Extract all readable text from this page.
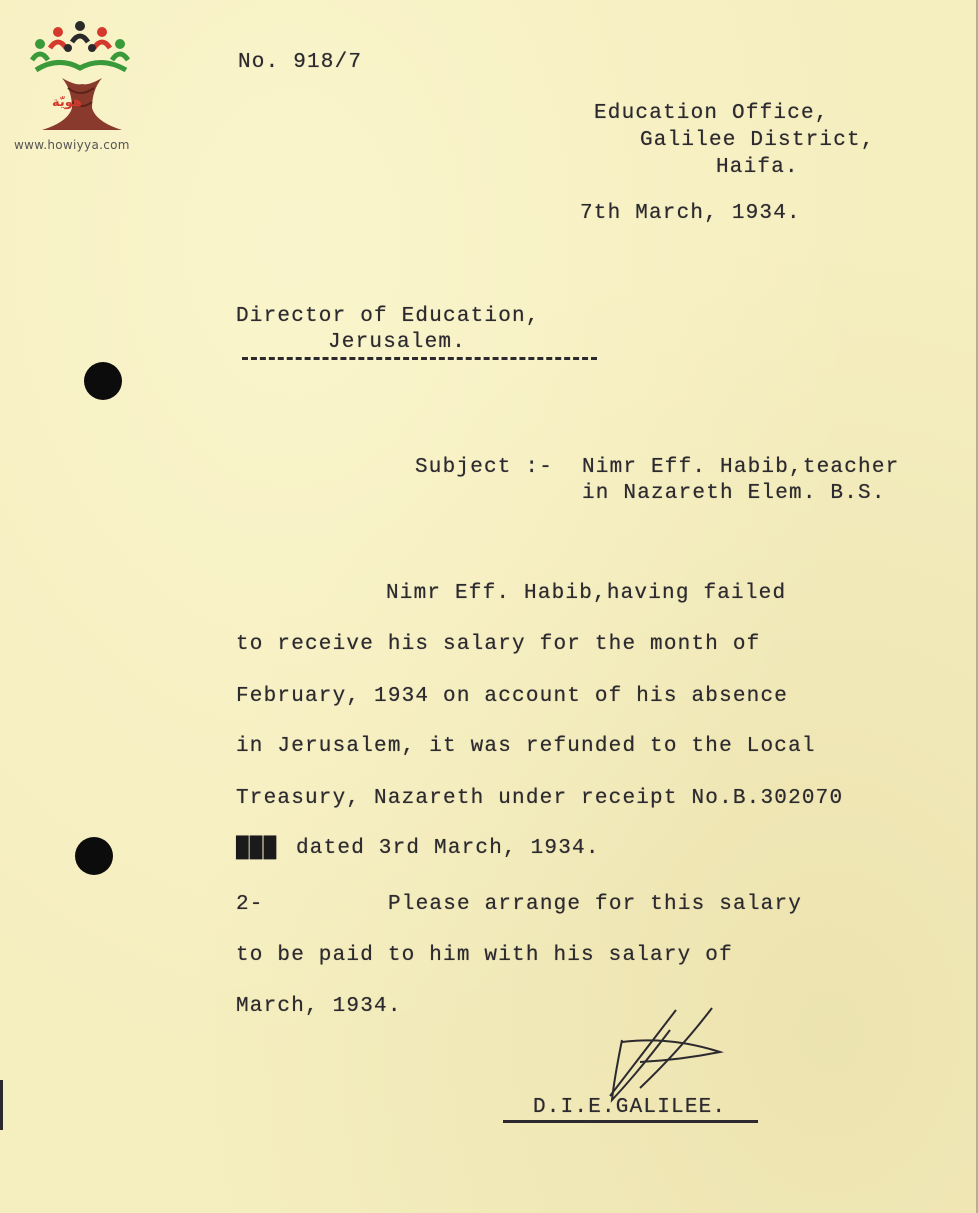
هويّة
www.howiyya.com
No. 918/7
Education Office,
Galilee District,
Haifa.
7th March, 1934.
Director of Education,
Jerusalem.
Subject :- Nimr Eff. Habib,teacher
in Nazareth Elem. B.S.
Nimr Eff. Habib,having failed
to receive his salary for the month of
February, 1934 on account of his absence
in Jerusalem, it was refunded to the Local
Treasury, Nazareth under receipt No.B.302070
███ dated 3rd March, 1934.
2-	Please arrange for this salary
to be paid to him with his salary of
March, 1934.
D.I.E.GALILEE.
